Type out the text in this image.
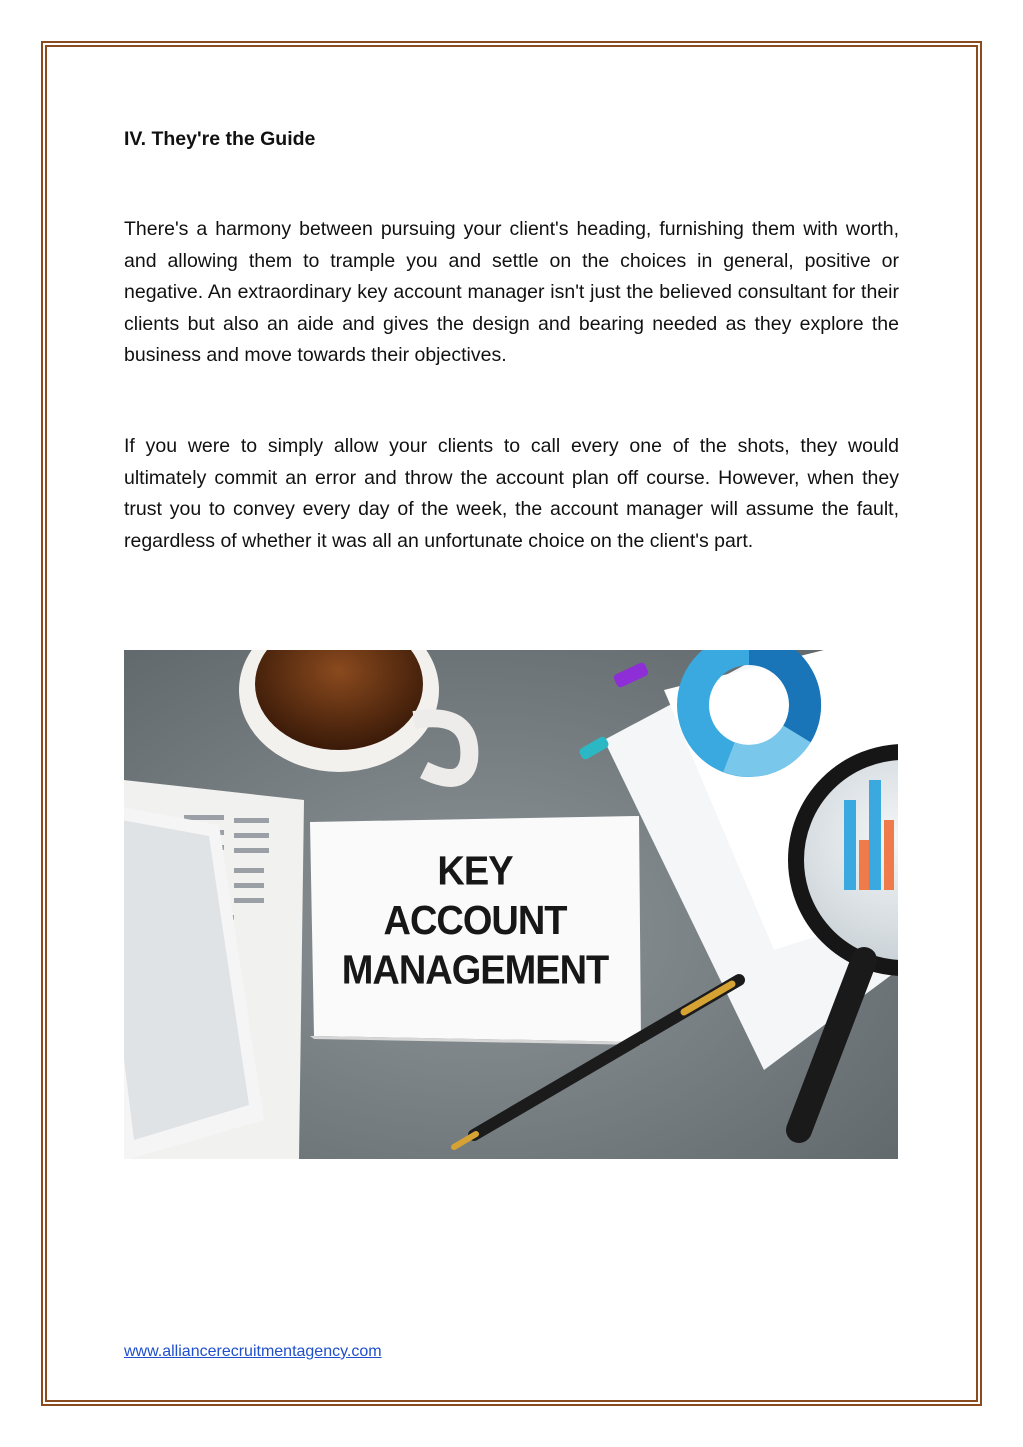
IV. They're the Guide

There's a harmony between pursuing your client's heading, furnishing them with worth, and allowing them to trample you and settle on the choices in general, positive or negative. An extraordinary key account manager isn't just the believed consultant for their clients but also an aide and gives the design and bearing needed as they explore the business and move towards their objectives.

If you were to simply allow your clients to call every one of the shots, they would ultimately commit an error and throw the account plan off course. However, when they trust you to convey every day of the week, the account manager will assume the fault, regardless of whether it was all an unfortunate choice on the client's part.

KEY
ACCOUNT
MANAGEMENT
www.alliancerecruitmentagency.com
